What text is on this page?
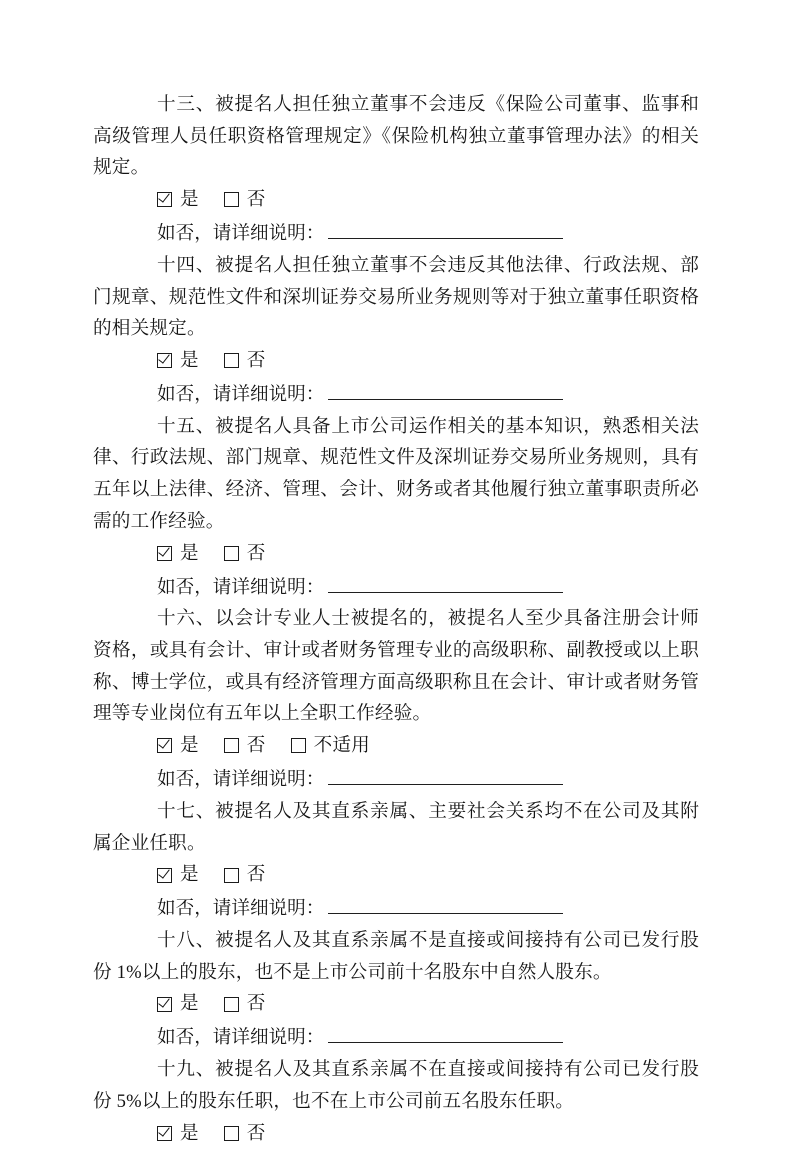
十三、被提名人担任独立董事不会违反《保险公司董事、监事和高级管理人员任职资格管理规定》《保险机构独立董事管理办法》的相关规定。

是	否
如否，请详细说明：

十四、被提名人担任独立董事不会违反其他法律、行政法规、部门规章、规范性文件和深圳证券交易所业务规则等对于独立董事任职资格的相关规定。

是	否
如否，请详细说明：

十五、被提名人具备上市公司运作相关的基本知识，熟悉相关法律、行政法规、部门规章、规范性文件及深圳证券交易所业务规则，具有五年以上法律、经济、管理、会计、财务或者其他履行独立董事职责所必需的工作经验。

是	否
如否，请详细说明：

十六、以会计专业人士被提名的，被提名人至少具备注册会计师资格，或具有会计、审计或者财务管理专业的高级职称、副教授或以上职称、博士学位，或具有经济管理方面高级职称且在会计、审计或者财务管理等专业岗位有五年以上全职工作经验。

是	否	不适用
如否，请详细说明：

十七、被提名人及其直系亲属、主要社会关系均不在公司及其附属企业任职。

是	否
如否，请详细说明：

十八、被提名人及其直系亲属不是直接或间接持有公司已发行股份 1%以上的股东，也不是上市公司前十名股东中自然人股东。

是	否
如否，请详细说明：

十九、被提名人及其直系亲属不在直接或间接持有公司已发行股份 5%以上的股东任职，也不在上市公司前五名股东任职。

是	否
